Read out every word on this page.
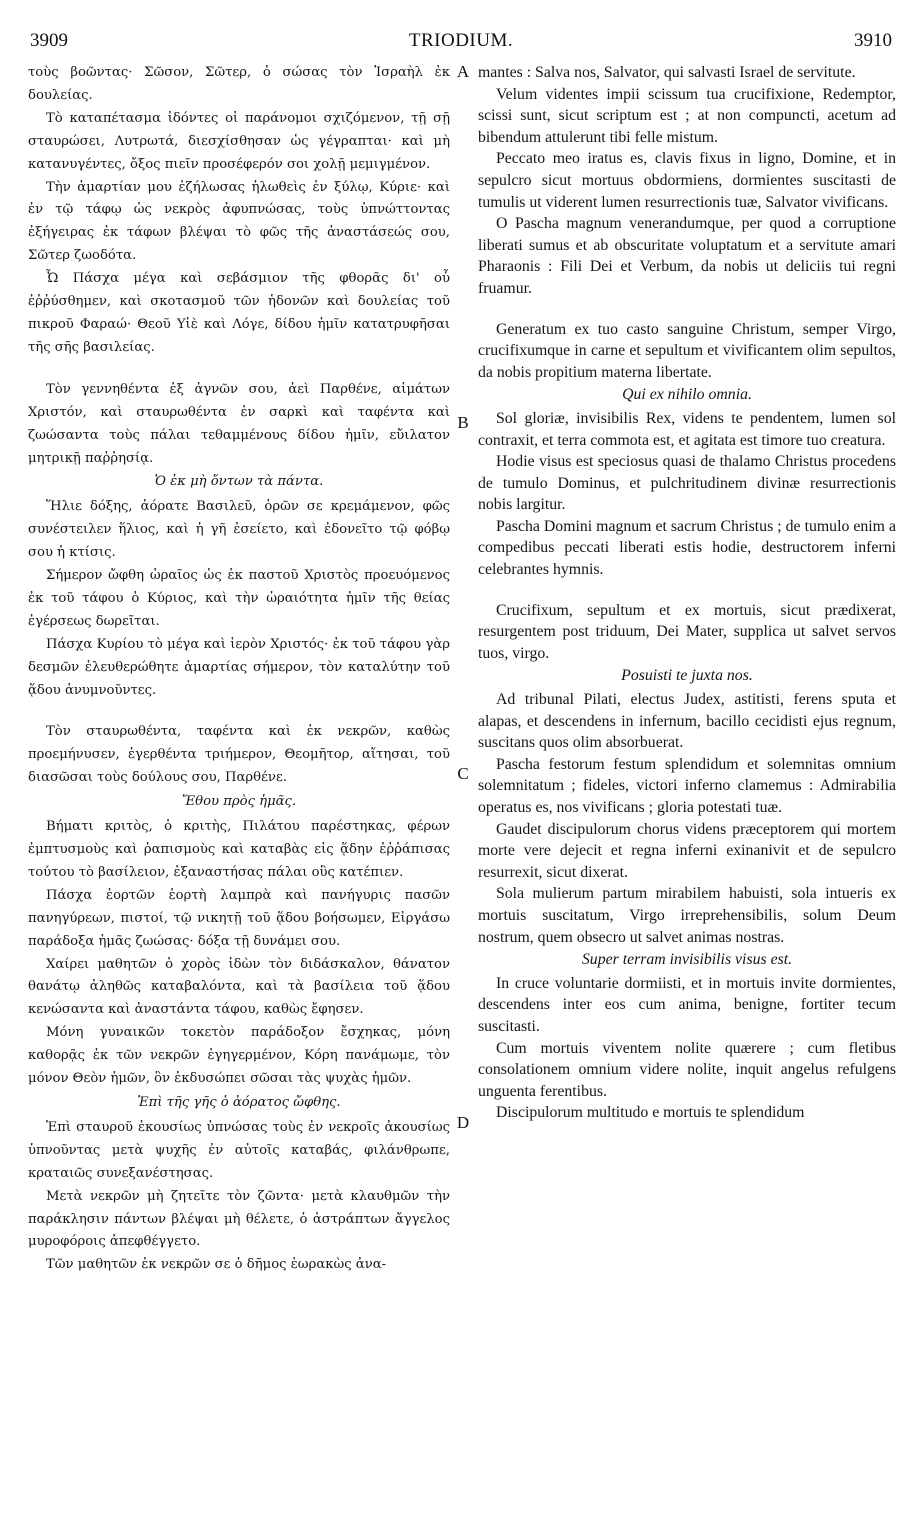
3909	TRIODIUM.	3910

τοὺς βοῶντας· Σῶσον, Σῶτερ, ὁ σώσας τὸν Ἰσραὴλ ἐκ δουλείας.

Τὸ καταπέτασμα ἰδόντες οἱ παράνομοι σχιζόμενον, τῇ σῇ σταυρώσει, Λυτρωτά, διεσχίσθησαν ὡς γέγραπται· καὶ μὴ κατανυγέντες, ὄξος πιεῖν προσέφερόν σοι χολῇ μεμιγμένον.

Τὴν ἁμαρτίαν μου ἐζήλωσας ἡλωθεὶς ἐν ξύλῳ, Κύριε· καὶ ἐν τῷ τάφῳ ὡς νεκρὸς ἀφυπνώσας, τοὺς ὑπνώττοντας ἐξήγειρας ἐκ τάφων βλέψαι τὸ φῶς τῆς ἀναστάσεώς σου, Σῶτερ ζωοδότα.

Ὦ Πάσχα μέγα καὶ σεβάσμιον τῆς φθορᾶς δι' οὗ ἐῤῥύσθημεν, καὶ σκοτασμοῦ τῶν ἡδονῶν καὶ δουλείας τοῦ πικροῦ Φαραώ· Θεοῦ Υἱὲ καὶ Λόγε, δίδου ἡμῖν κατατρυφῆσαι τῆς σῆς βασιλείας.

Τὸν γεννηθέντα ἐξ ἁγνῶν σου, ἀεὶ Παρθένε, αἱμάτων Χριστόν, καὶ σταυρωθέντα ἐν σαρκὶ καὶ ταφέντα καὶ ζωώσαντα τοὺς πάλαι τεθαμμένους δίδου ἡμῖν, εὔιλατον μητρικῇ παῤῥησίᾳ.

Ὁ ἐκ μὴ ὄντων τὰ πάντα.

Ἥλιε δόξης, ἀόρατε Βασιλεῦ, ὁρῶν σε κρεμάμενον, φῶς συνέστειλεν ἥλιος, καὶ ἡ γῆ ἐσείετο, καὶ ἐδονεῖτο τῷ φόβῳ σου ἡ κτίσις.

Σήμερον ὤφθη ὡραῖος ὡς ἐκ παστοῦ Χριστὸς προευόμενος ἐκ τοῦ τάφου ὁ Κύριος, καὶ τὴν ὡραιότητα ἡμῖν τῆς θείας ἐγέρσεως δωρεῖται.

Πάσχα Κυρίου τὸ μέγα καὶ ἱερὸν Χριστός· ἐκ τοῦ τάφου γὰρ δεσμῶν ἐλευθερώθητε ἁμαρτίας σήμερον, τὸν καταλύτην τοῦ ᾅδου ἀνυμνοῦντες.

Τὸν σταυρωθέντα, ταφέντα καὶ ἐκ νεκρῶν, καθὼς προεμήνυσεν, ἐγερθέντα τριήμερον, Θεομῆτορ, αἴτησαι, τοῦ διασῶσαι τοὺς δούλους σου, Παρθένε.

Ἔθου πρὸς ἡμᾶς.

Βήματι κριτὸς, ὁ κριτὴς, Πιλάτου παρέστηκας, φέρων ἐμπτυσμοὺς καὶ ῥαπισμοὺς καὶ καταβὰς εἰς ᾅδην ἐῤῥάπισας τούτου τὸ βασίλειον, ἐξαναστήσας πάλαι οὓς κατέπιεν.

Πάσχα ἑορτῶν ἑορτὴ λαμπρὰ καὶ πανήγυρις πασῶν πανηγύρεων, πιστοί, τῷ νικητῇ τοῦ ᾅδου βοήσωμεν, Εἰργάσω παράδοξα ἡμᾶς ζωώσας· δόξα τῇ δυνάμει σου.

Χαίρει μαθητῶν ὁ χορὸς ἰδὼν τὸν διδάσκαλον, θάνατον θανάτῳ ἀληθῶς καταβαλόντα, καὶ τὰ βασίλεια τοῦ ᾅδου κενώσαντα καὶ ἀναστάντα τάφου, καθὼς ἔφησεν.

Μόνη γυναικῶν τοκετὸν παράδοξον ἔσχηκας, μόνη καθορᾷς ἐκ τῶν νεκρῶν ἐγηγερμένον, Κόρη πανάμωμε, τὸν μόνον Θεὸν ἡμῶν, ὃν ἐκδυσώπει σῶσαι τὰς ψυχὰς ἡμῶν.

Ἐπὶ τῆς γῆς ὁ ἀόρατος ὤφθης.

Ἐπὶ σταυροῦ ἑκουσίως ὑπνώσας τοὺς ἐν νεκροῖς ἀκουσίως ὑπνοῦντας μετὰ ψυχῆς ἐν αὐτοῖς καταβάς, φιλάνθρωπε, κραταιῶς συνεξανέστησας.

Μετὰ νεκρῶν μὴ ζητεῖτε τὸν ζῶντα· μετὰ κλαυθμῶν τὴν παράκλησιν πάντων βλέψαι μὴ θέλετε, ὁ ἀστράπτων ἄγγελος μυροφόροις ἀπεφθέγγετο.

Τῶν μαθητῶν ἐκ νεκρῶν σε ὁ δῆμος ἑωρακὼς ἀνα-

mantes : Salva nos, Salvator, qui salvasti Israel de servitute.

Velum videntes impii scissum tua crucifixione, Redemptor, scissi sunt, sicut scriptum est ; at non compuncti, acetum ad bibendum attulerunt tibi felle mistum.

Peccato meo iratus es, clavis fixus in ligno, Domine, et in sepulcro sicut mortuus obdormiens, dormientes suscitasti de tumulis ut viderent lumen resurrectionis tuæ, Salvator vivificans.

O Pascha magnum venerandumque, per quod a corruptione liberati sumus et ab obscuritate voluptatum et a servitute amari Pharaonis : Fili Dei et Verbum, da nobis ut deliciis tui regni fruamur.

Generatum ex tuo casto sanguine Christum, semper Virgo, crucifixumque in carne et sepultum et vivificantem olim sepultos, da nobis propitium materna libertate.

Qui ex nihilo omnia.

Sol gloriæ, invisibilis Rex, videns te pendentem, lumen sol contraxit, et terra commota est, et agitata est timore tuo creatura.

Hodie visus est speciosus quasi de thalamo Christus procedens de tumulo Dominus, et pulchritudinem divinæ resurrectionis nobis largitur.

Pascha Domini magnum et sacrum Christus ; de tumulo enim a compedibus peccati liberati estis hodie, destructorem inferni celebrantes hymnis.

Crucifixum, sepultum et ex mortuis, sicut prædixerat, resurgentem post triduum, Dei Mater, supplica ut salvet servos tuos, virgo.

Posuisti te juxta nos.

Ad tribunal Pilati, electus Judex, astitisti, ferens sputa et alapas, et descendens in infernum, bacillo cecidisti ejus regnum, suscitans quos olim absorbuerat.

Pascha festorum festum splendidum et solemnitas omnium solemnitatum ; fideles, victori inferno clamemus : Admirabilia operatus es, nos vivificans ; gloria potestati tuæ.

Gaudet discipulorum chorus videns præceptorem qui mortem morte vere dejecit et regna inferni exinanivit et de sepulcro resurrexit, sicut dixerat.

Sola mulierum partum mirabilem habuisti, sola intueris ex mortuis suscitatum, Virgo irreprehensibilis, solum Deum nostrum, quem obsecro ut salvet animas nostras.

Super terram invisibilis visus est.

In cruce voluntarie dormiisti, et in mortuis invite dormientes, descendens inter eos cum anima, benigne, fortiter tecum suscitasti.

Cum mortuis viventem nolite quærere ; cum fletibus consolationem omnium videre nolite, inquit angelus refulgens unguenta ferentibus.

Discipulorum multitudo e mortuis te splendidum

A
B
C
D
